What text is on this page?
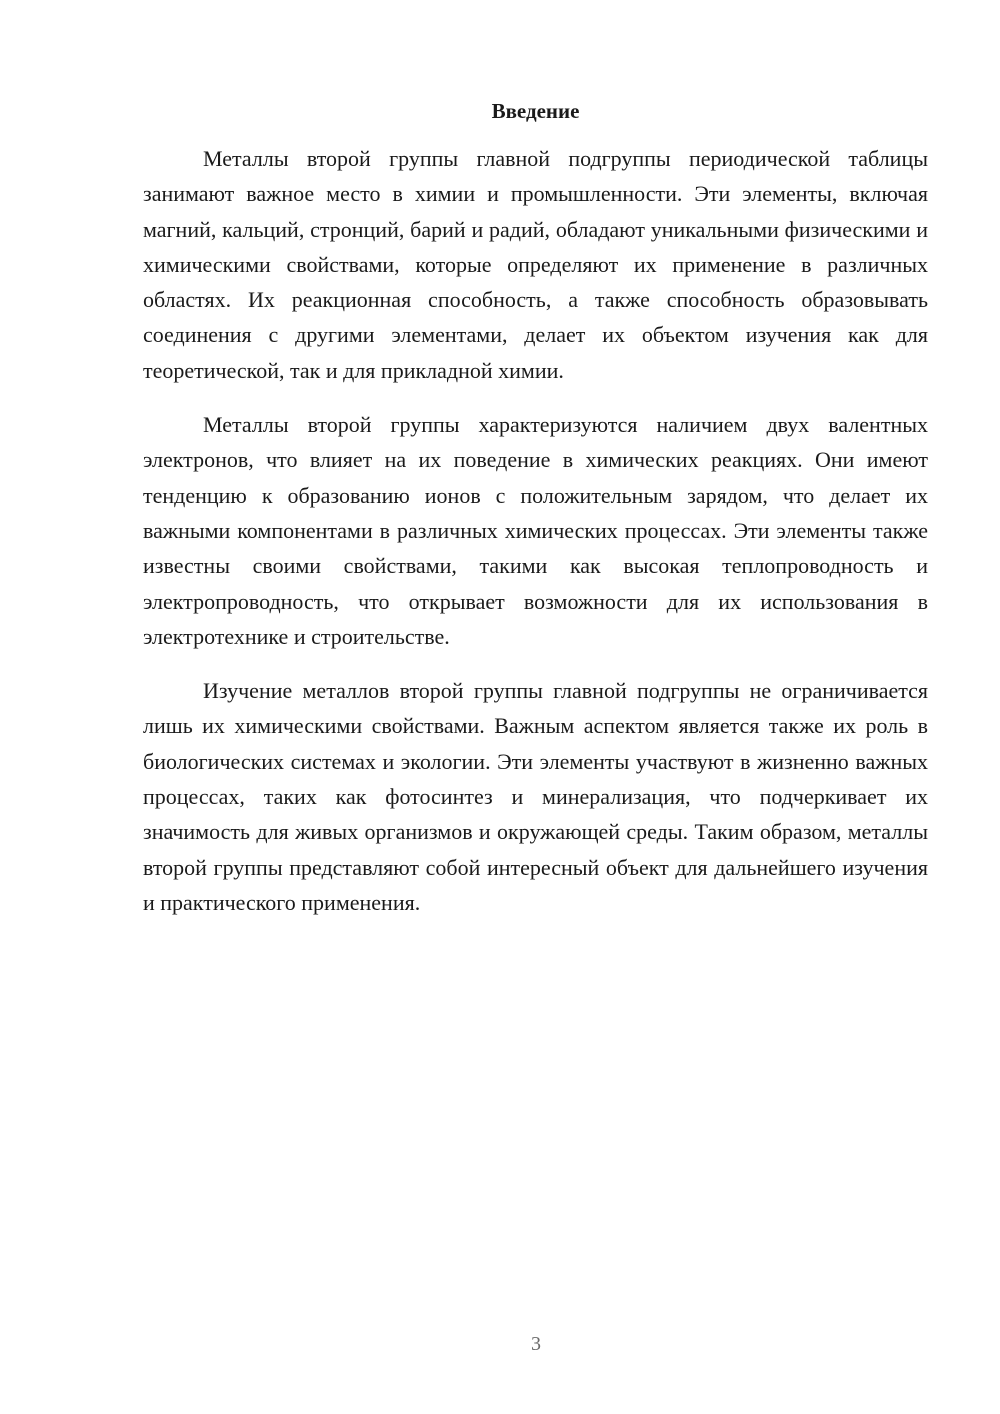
Введение

Металлы второй группы главной подгруппы периодической таблицы занимают важное место в химии и промышленности. Эти элементы, включая магний, кальций, стронций, барий и радий, обладают уникальными физическими и химическими свойствами, которые определяют их применение в различных областях. Их реакционная способность, а также способность образовывать соединения с другими элементами, делает их объектом изучения как для теоретической, так и для прикладной химии.

Металлы второй группы характеризуются наличием двух валентных электронов, что влияет на их поведение в химических реакциях. Они имеют тенденцию к образованию ионов с положительным зарядом, что делает их важными компонентами в различных химических процессах. Эти элементы также известны своими свойствами, такими как высокая теплопроводность и электропроводность, что открывает возможности для их использования в электротехнике и строительстве.

Изучение металлов второй группы главной подгруппы не ограничивается лишь их химическими свойствами. Важным аспектом является также их роль в биологических системах и экологии. Эти элементы участвуют в жизненно важных процессах, таких как фотосинтез и минерализация, что подчеркивает их значимость для живых организмов и окружающей среды. Таким образом, металлы второй группы представляют собой интересный объект для дальнейшего изучения и практического применения.

3
